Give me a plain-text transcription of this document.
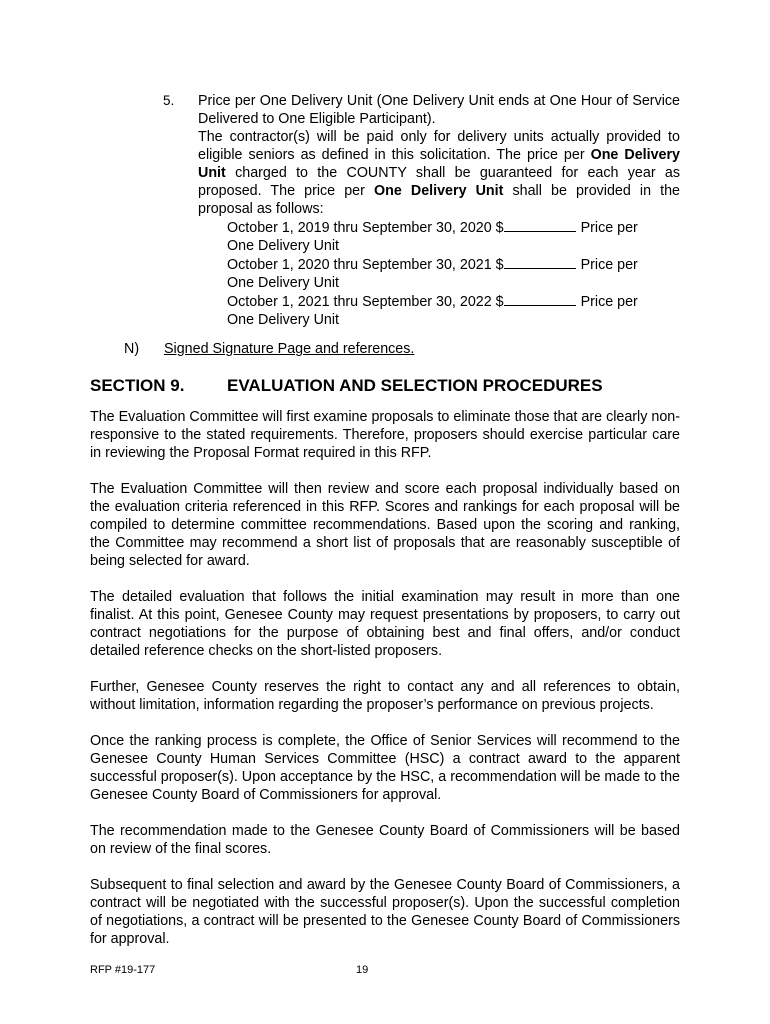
5. Price per One Delivery Unit (One Delivery Unit ends at One Hour of Service Delivered to One Eligible Participant).

The contractor(s) will be paid only for delivery units actually provided to eligible seniors as defined in this solicitation. The price per One Delivery Unit charged to the COUNTY shall be guaranteed for each year as proposed. The price per One Delivery Unit shall be provided in the proposal as follows:

October 1, 2019 thru September 30, 2020 $	Price per
One Delivery Unit

October 1, 2020 thru September 30, 2021 $	Price per
One Delivery Unit

October 1, 2021 thru September 30, 2022 $	Price per
One Delivery Unit

N) Signed Signature Page and references.
SECTION 9.	EVALUATION AND SELECTION PROCEDURES

The Evaluation Committee will first examine proposals to eliminate those that are clearly non-responsive to the stated requirements. Therefore, proposers should exercise particular care in reviewing the Proposal Format required in this RFP.

The Evaluation Committee will then review and score each proposal individually based on the evaluation criteria referenced in this RFP. Scores and rankings for each proposal will be compiled to determine committee recommendations. Based upon the scoring and ranking, the Committee may recommend a short list of proposals that are reasonably susceptible of being selected for award.

The detailed evaluation that follows the initial examination may result in more than one finalist. At this point, Genesee County may request presentations by proposers, to carry out contract negotiations for the purpose of obtaining best and final offers, and/or conduct detailed reference checks on the short-listed proposers.

Further, Genesee County reserves the right to contact any and all references to obtain, without limitation, information regarding the proposer’s performance on previous projects.

Once the ranking process is complete, the Office of Senior Services will recommend to the Genesee County Human Services Committee (HSC) a contract award to the apparent successful proposer(s). Upon acceptance by the HSC, a recommendation will be made to the Genesee County Board of Commissioners for approval.

The recommendation made to the Genesee County Board of Commissioners will be based on review of the final scores.

Subsequent to final selection and award by the Genesee County Board of Commissioners, a contract will be negotiated with the successful proposer(s). Upon the successful completion of negotiations, a contract will be presented to the Genesee County Board of Commissioners for approval.

RFP #19-177	19
